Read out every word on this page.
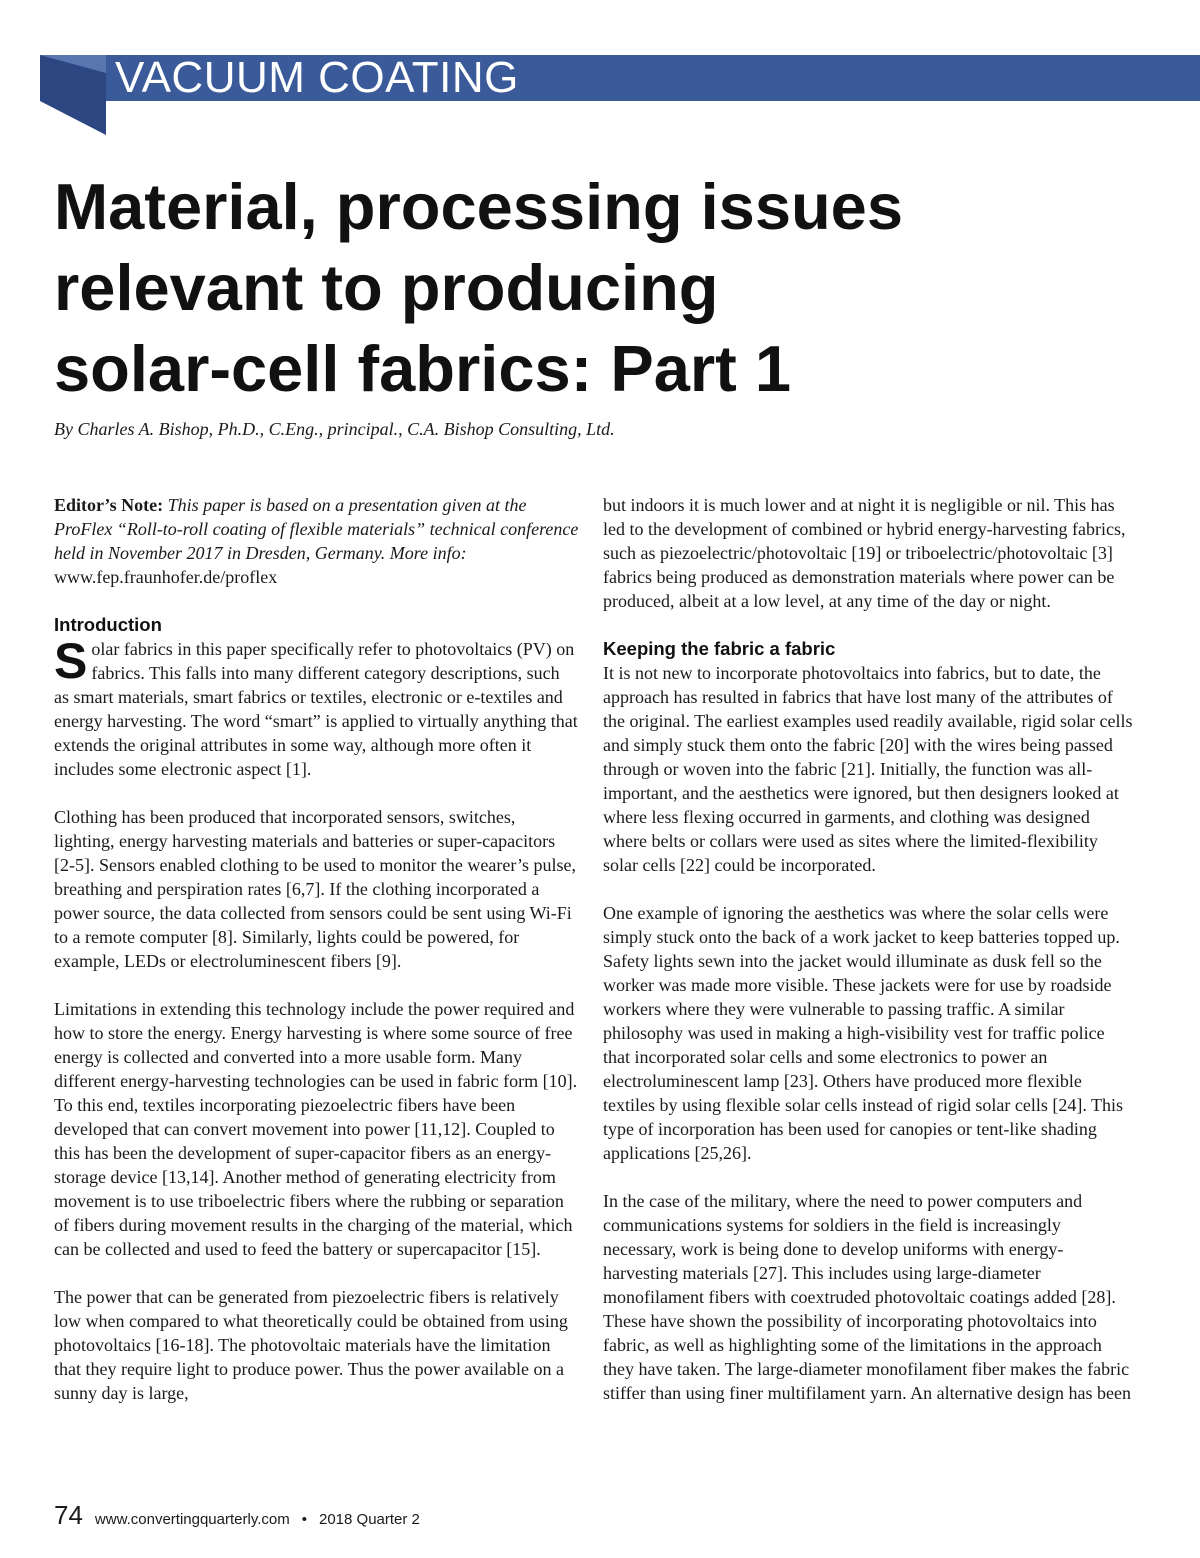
VACUUM COATING
Material, processing issues
relevant to producing
solar-cell fabrics: Part 1

By Charles A. Bishop, Ph.D., C.Eng., principal., C.A. Bishop Consulting, Ltd.

Editor’s Note: This paper is based on a presentation given at the ProFlex “Roll-to-roll coating of flexible materials” technical conference held in November 2017 in Dresden, Germany. More info: www.fep.fraunhofer.de/proflex

Introduction

Solar fabrics in this paper specifically refer to photovoltaics (PV) on fabrics. This falls into many different category descriptions, such as smart materials, smart fabrics or textiles, electronic or e-textiles and energy harvesting. The word “smart” is applied to virtually anything that extends the original attributes in some way, although more often it includes some electronic aspect [1].

Clothing has been produced that incorporated sensors, switches, lighting, energy harvesting materials and batteries or super-capacitors [2-5]. Sensors enabled clothing to be used to monitor the wearer’s pulse, breathing and perspiration rates [6,7]. If the clothing incorporated a power source, the data collected from sensors could be sent using Wi-Fi to a remote computer [8]. Similarly, lights could be powered, for example, LEDs or electroluminescent fibers [9].

Limitations in extending this technology include the power required and how to store the energy. Energy harvesting is where some source of free energy is collected and converted into a more usable form. Many different energy-harvesting technologies can be used in fabric form [10]. To this end, textiles incorporating piezoelectric fibers have been developed that can convert movement into power [11,12]. Coupled to this has been the development of super-capacitor fibers as an energy-storage device [13,14]. Another method of generating electricity from movement is to use triboelectric fibers where the rubbing or separation of fibers during movement results in the charging of the material, which can be collected and used to feed the battery or supercapacitor [15].

The power that can be generated from piezoelectric fibers is relatively low when compared to what theoretically could be obtained from using photovoltaics [16-18]. The photovoltaic materials have the limitation that they require light to produce power. Thus the power available on a sunny day is large,

but indoors it is much lower and at night it is negligible or nil. This has led to the development of combined or hybrid energy-harvesting fabrics, such as piezoelectric/photovoltaic [19] or triboelectric/photovoltaic [3] fabrics being produced as demonstration materials where power can be produced, albeit at a low level, at any time of the day or night.

Keeping the fabric a fabric

It is not new to incorporate photovoltaics into fabrics, but to date, the approach has resulted in fabrics that have lost many of the attributes of the original. The earliest examples used readily available, rigid solar cells and simply stuck them onto the fabric [20] with the wires being passed through or woven into the fabric [21]. Initially, the function was all-important, and the aesthetics were ignored, but then designers looked at where less flexing occurred in garments, and clothing was designed where belts or collars were used as sites where the limited-flexibility solar cells [22] could be incorporated.

One example of ignoring the aesthetics was where the solar cells were simply stuck onto the back of a work jacket to keep batteries topped up. Safety lights sewn into the jacket would illuminate as dusk fell so the worker was made more visible. These jackets were for use by roadside workers where they were vulnerable to passing traffic. A similar philosophy was used in making a high-visibility vest for traffic police that incorporated solar cells and some electronics to power an electroluminescent lamp [23]. Others have produced more flexible textiles by using flexible solar cells instead of rigid solar cells [24]. This type of incorporation has been used for canopies or tent-like shading applications [25,26].

In the case of the military, where the need to power computers and communications systems for soldiers in the field is increasingly necessary, work is being done to develop uniforms with energy-harvesting materials [27]. This includes using large-diameter monofilament fibers with coextruded photovoltaic coatings added [28]. These have shown the possibility of incorporating photovoltaics into fabric, as well as highlighting some of the limitations in the approach they have taken. The large-diameter monofilament fiber makes the fabric stiffer than using finer multifilament yarn. An alternative design has been

74 www.convertingquarterly.com • 2018 Quarter 2
